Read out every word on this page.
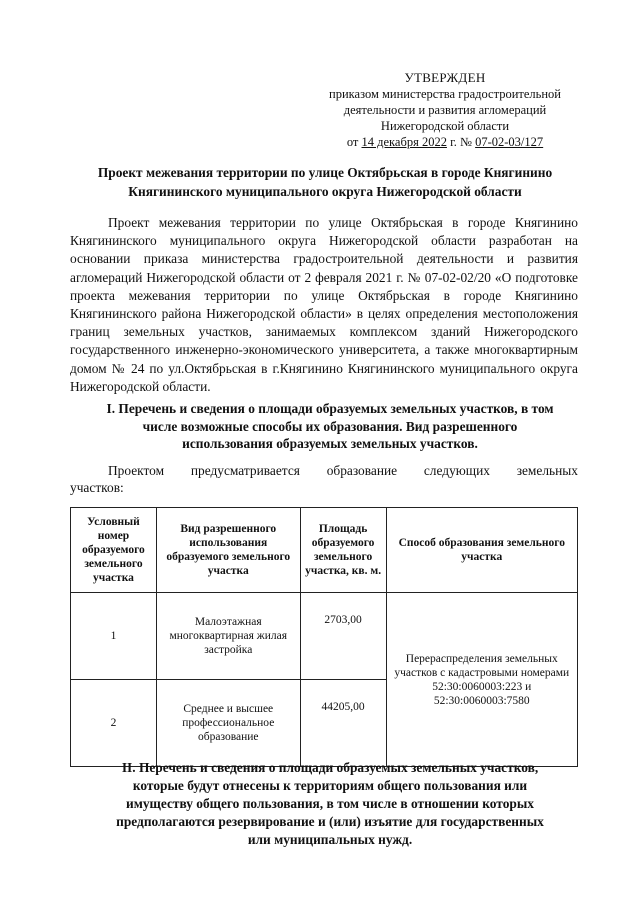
УТВЕРЖДЕН
приказом министерства градостроительной
деятельности и развития агломераций
Нижегородской области
от 14 декабря 2022 г. № 07-02-03/127
Проект межевания территории по улице Октябрьская в городе Княгинино
Княгининского муниципального округа Нижегородской области

Проект межевания территории по улице Октябрьская в городе Княгинино Княгининского муниципального округа Нижегородской области разработан на основании приказа министерства градостроительной деятельности и развития агломераций Нижегородской области от 2 февраля 2021 г. № 07-02-02/20 «О подготовке проекта межевания территории по улице Октябрьская в городе Княгинино Княгининского района Нижегородской области» в целях определения местоположения границ земельных участков, занимаемых комплексом зданий Нижегородского государственного инженерно-экономического университета, а также многоквартирным домом № 24 по ул.Октябрьская в г.Княгинино Княгининского муниципального округа Нижегородской области.

I. Перечень и сведения о площади образуемых земельных участков, в том
числе возможные способы их образования. Вид разрешенного
использования образуемых земельных участков.

Проектом предусматривается образование следующих земельных

участков:

Условный номер образуемого земельного участка	Вид разрешенного использования образуемого земельного участка	Площадь образуемого земельного участка, кв. м.	Способ образования земельного участка
1	Малоэтажная многоквартирная жилая застройка	2703,00	Перераспределения земельных участков с кадастровыми номерами 52:30:0060003:223 и 52:30:0060003:7580
2	Среднее и высшее профессиональное образование	44205,00	
II. Перечень и сведения о площади образуемых земельных участков,
которые будут отнесены к территориям общего пользования или
имуществу общего пользования, в том числе в отношении которых
предполагаются резервирование и (или) изъятие для государственных
или муниципальных нужд.
